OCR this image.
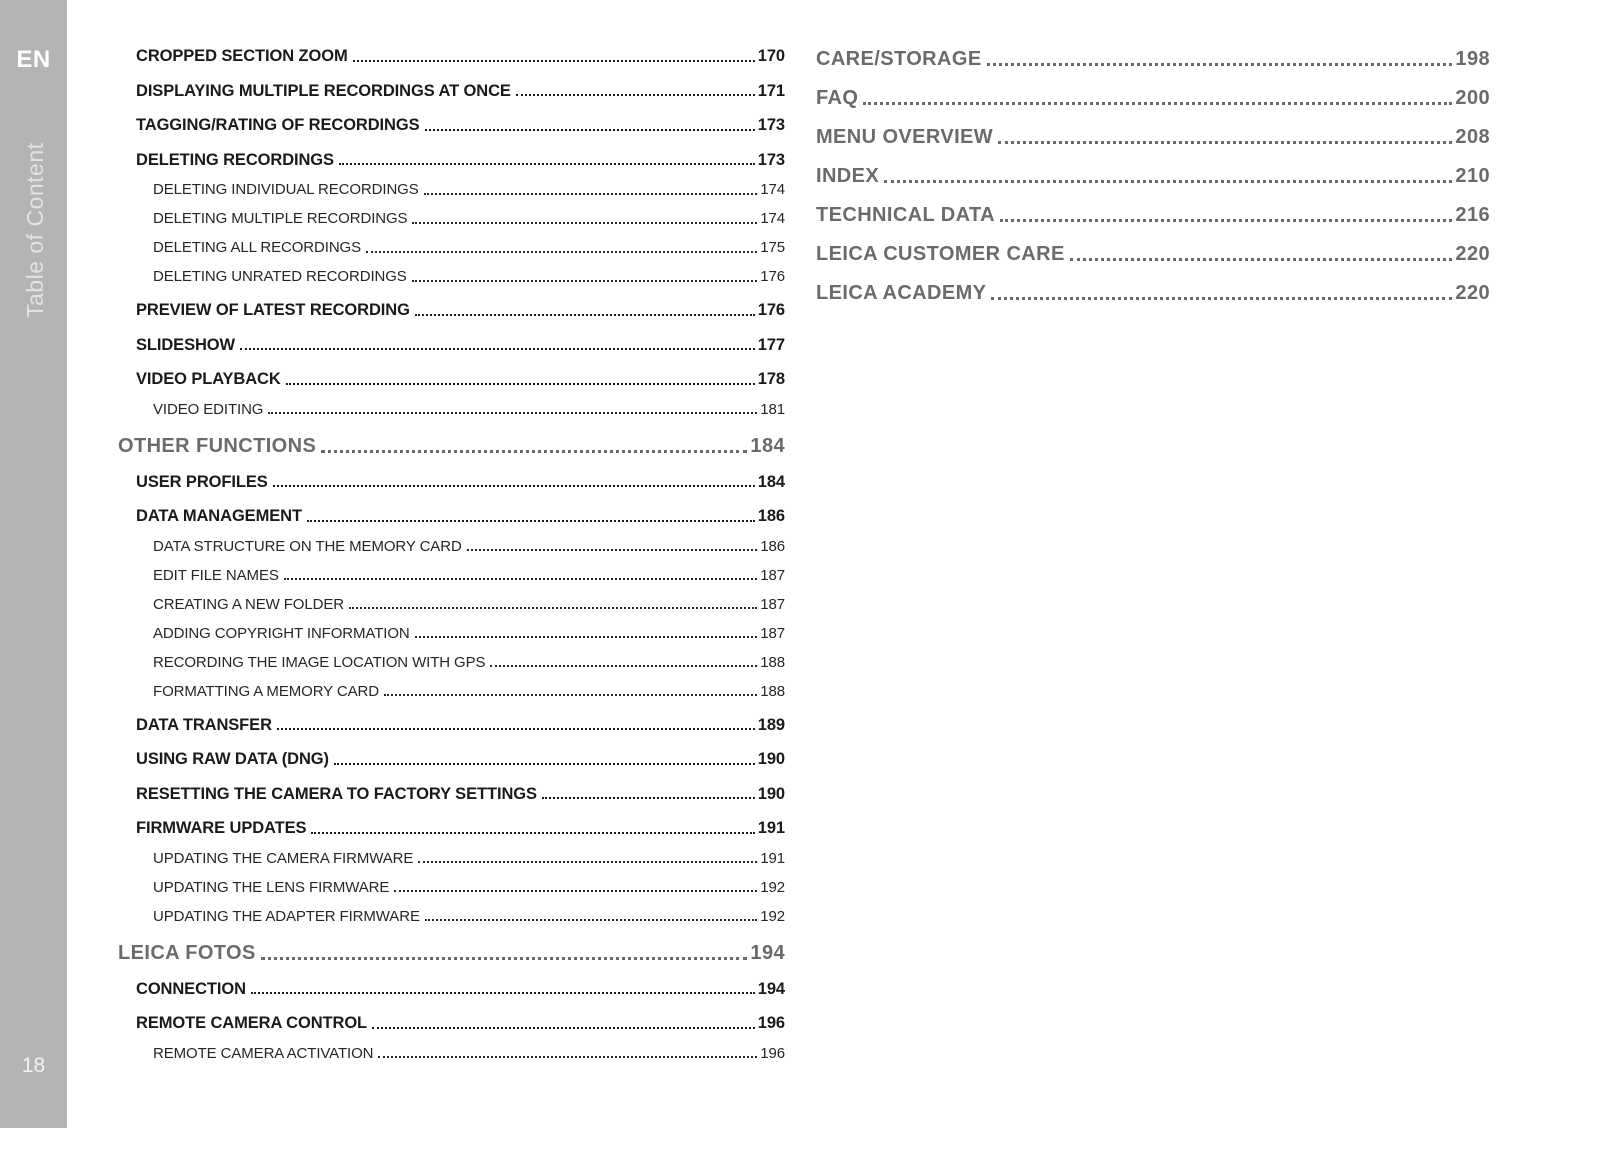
EN
Table of Content
18
CROPPED SECTION ZOOM	170
DISPLAYING MULTIPLE RECORDINGS AT ONCE	171
TAGGING/RATING OF RECORDINGS	173
DELETING RECORDINGS	173
DELETING INDIVIDUAL RECORDINGS	174
DELETING MULTIPLE RECORDINGS	174
DELETING ALL RECORDINGS	175
DELETING UNRATED RECORDINGS	176
PREVIEW OF LATEST RECORDING	176
SLIDESHOW	177
VIDEO PLAYBACK	178
VIDEO EDITING	181
OTHER FUNCTIONS	184
USER PROFILES	184
DATA MANAGEMENT	186
DATA STRUCTURE ON THE MEMORY CARD	186
EDIT FILE NAMES	187
CREATING A NEW FOLDER	187
ADDING COPYRIGHT INFORMATION	187
RECORDING THE IMAGE LOCATION WITH GPS	188
FORMATTING A MEMORY CARD	188
DATA TRANSFER	189
USING RAW DATA (DNG)	190
RESETTING THE CAMERA TO FACTORY SETTINGS	190
FIRMWARE UPDATES	191
UPDATING THE CAMERA FIRMWARE	191
UPDATING THE LENS FIRMWARE	192
UPDATING THE ADAPTER FIRMWARE	192
LEICA FOTOS	194
CONNECTION	194
REMOTE CAMERA CONTROL	196
REMOTE CAMERA ACTIVATION	196
CARE/STORAGE	198
FAQ	200
MENU OVERVIEW	208
INDEX	210
TECHNICAL DATA	216
LEICA CUSTOMER CARE	220
LEICA ACADEMY	220
